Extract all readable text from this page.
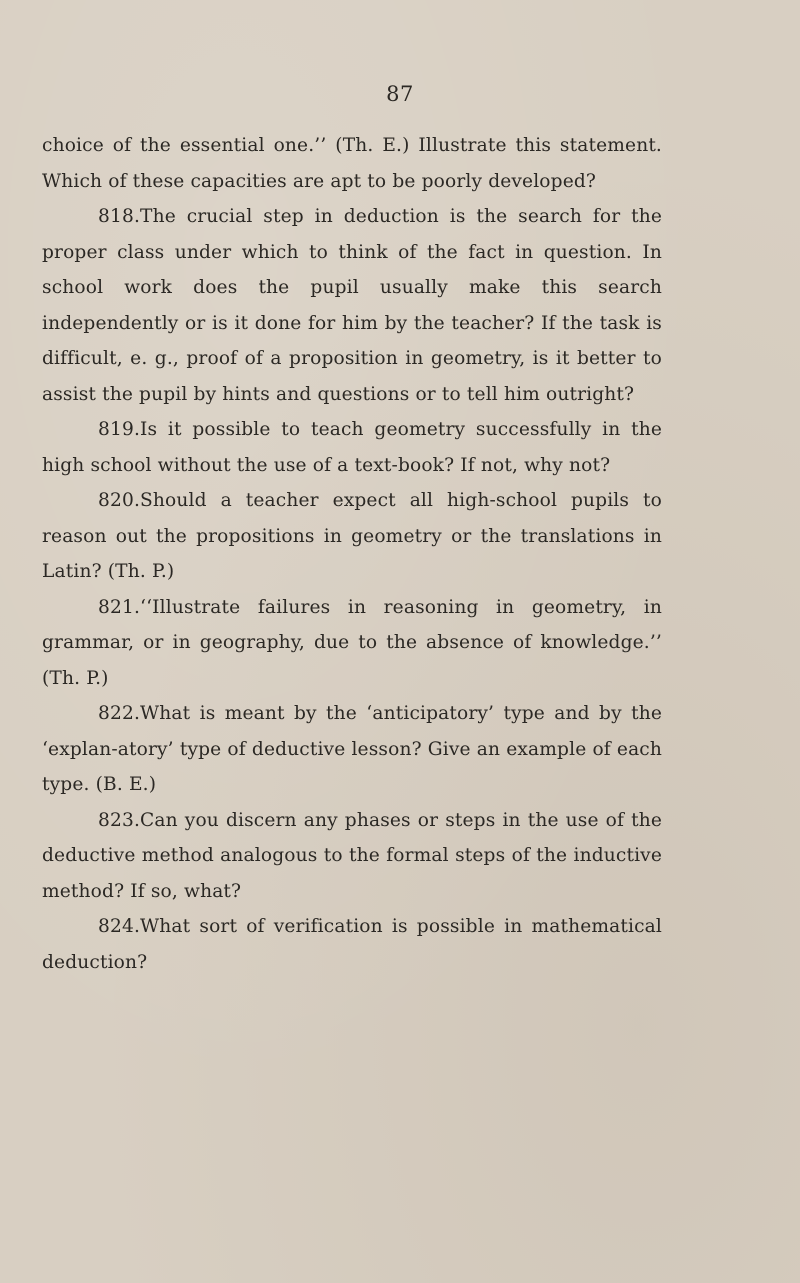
87

choice of the essential one.’’ (Th. E.) Illustrate this statement. Which of these capacities are apt to be poorly developed?

818.The crucial step in deduction is the search for the proper class under which to think of the fact in question. In school work does the pupil usually make this search independently or is it done for him by the teacher? If the task is difficult, e. g., proof of a proposition in geometry, is it better to assist the pupil by hints and questions or to tell him outright?

819.Is it possible to teach geometry successfully in the high school without the use of a text-book? If not, why not?

820.Should a teacher expect all high-school pupils to reason out the propositions in geometry or the translations in Latin? (Th. P.)

821.‘‘Illustrate failures in reasoning in geometry, in grammar, or in geography, due to the absence of knowledge.’’ (Th. P.)

822.What is meant by the ‘anticipatory’ type and by the ‘explan-atory’ type of deductive lesson? Give an example of each type. (B. E.)

823.Can you discern any phases or steps in the use of the deductive method analogous to the formal steps of the inductive method? If so, what?

824.What sort of verification is possible in mathematical deduction?
